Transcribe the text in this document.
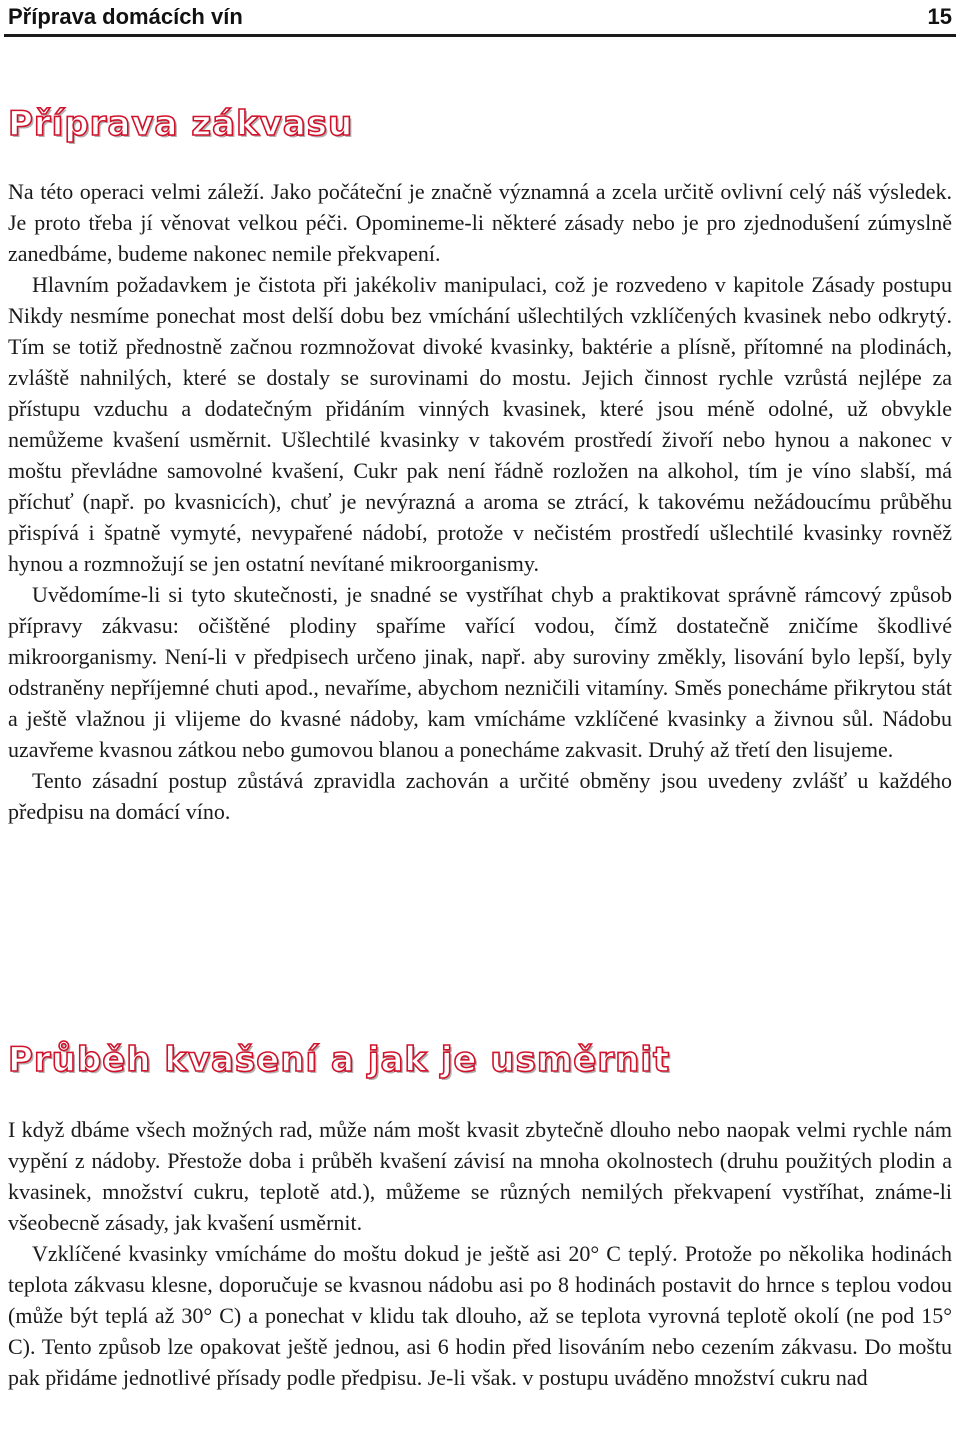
Příprava domácích vín	15
Příprava zákvasu

Na této operaci velmi záleží. Jako počáteční je značně významná a zcela určitě ovlivní celý náš výsledek. Je proto třeba jí věnovat velkou péči. Opomineme-li některé zásady nebo je pro zjednodušení zúmyslně zanedbáme, budeme nakonec nemile překvapení.

Hlavním požadavkem je čistota při jakékoliv manipulaci, což je rozvedeno v kapitole Zásady postupu Nikdy nesmíme ponechat most delší dobu bez vmíchání ušlechtilých vzklíčených kvasinek nebo odkrytý. Tím se totiž přednostně začnou rozmnožovat divoké kvasinky, baktérie a plísně, přítomné na plodinách, zvláště nahnilých, které se dostaly se surovinami do mostu. Jejich činnost rychle vzrůstá nejlépe za přístupu vzduchu a dodatečným přidáním vinných kvasinek, které jsou méně odolné, už obvykle nemůžeme kvašení usměrnit. Ušlechtilé kvasinky v takovém prostředí živoří nebo hynou a nakonec v moštu převládne samovolné kvašení, Cukr pak není řádně rozložen na alkohol, tím je víno slabší, má příchuť (např. po kvasnicích), chuť je nevýrazná a aroma se ztrácí, k takovému nežádoucímu průběhu přispívá i špatně vymyté, nevypařené nádobí, protože v nečistém prostředí ušlechtilé kvasinky rovněž hynou a rozmnožují se jen ostatní nevítané mikroorganismy.

Uvědomíme-li si tyto skutečnosti, je snadné se vystříhat chyb a praktikovat správně rámcový způsob přípravy zákvasu: očištěné plodiny spaříme vařící vodou, čímž dostatečně zničíme škodlivé mikroorganismy. Není-li v předpisech určeno jinak, např. aby suroviny změkly, lisování bylo lepší, byly odstraněny nepříjemné chuti apod., nevaříme, abychom nezničili vitamíny. Směs ponecháme přikrytou stát a ještě vlažnou ji vlijeme do kvasné nádoby, kam vmícháme vzklíčené kvasinky a živnou sůl. Nádobu uzavřeme kvasnou zátkou nebo gumovou blanou a ponecháme zakvasit. Druhý až třetí den lisujeme.

Tento zásadní postup zůstává zpravidla zachován a určité obměny jsou uvedeny zvlášť u každého předpisu na domácí víno.

Průběh kvašení a jak je usměrnit

I když dbáme všech možných rad, může nám mošt kvasit zbytečně dlouho nebo naopak velmi rychle nám vypění z nádoby. Přestože doba i průběh kvašení závisí na mnoha okolnostech (druhu použitých plodin a kvasinek, množství cukru, teplotě atd.), můžeme se různých nemilých překvapení vystříhat, známe-li všeobecně zásady, jak kvašení usměrnit.

Vzklíčené kvasinky vmícháme do moštu dokud je ještě asi 20° C teplý. Protože po několika hodinách teplota zákvasu klesne, doporučuje se kvasnou nádobu asi po 8 hodinách postavit do hrnce s teplou vodou (může být teplá až 30° C) a ponechat v klidu tak dlouho, až se teplota vyrovná teplotě okolí (ne pod 15° C). Tento způsob lze opakovat ještě jednou, asi 6 hodin před lisováním nebo cezením zákvasu. Do moštu pak přidáme jednotlivé přísady podle předpisu. Je-li však. v postupu uváděno množství cukru nad
